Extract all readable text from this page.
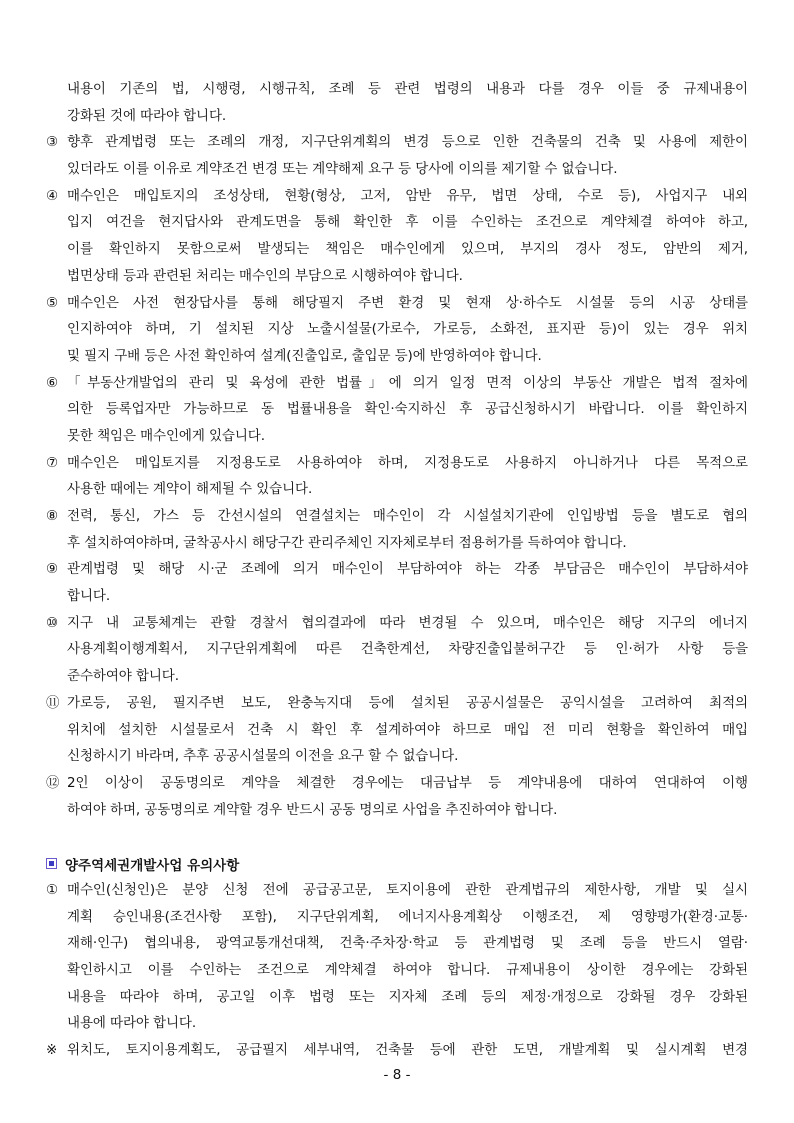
내용이 기존의 법, 시행령, 시행규칙, 조례 등 관련 법령의 내용과 다를 경우 이들 중 규제내용이
강화된 것에 따라야 합니다.
③ 향후 관계법령 또는 조례의 개정, 지구단위계획의 변경 등으로 인한 건축물의 건축 및 사용에 제한이
있더라도 이를 이유로 계약조건 변경 또는 계약해제 요구 등 당사에 이의를 제기할 수 없습니다.
④ 매수인은 매입토지의 조성상태, 현황(형상, 고저, 암반 유무, 법면 상태, 수로 등), 사업지구 내외
입지 여건을 현지답사와 관계도면을 통해 확인한 후 이를 수인하는 조건으로 계약체결 하여야 하고,
이를 확인하지 못함으로써 발생되는 책임은 매수인에게 있으며, 부지의 경사 정도, 암반의 제거,
법면상태 등과 관련된 처리는 매수인의 부담으로 시행하여야 합니다.
⑤ 매수인은 사전 현장답사를 통해 해당필지 주변 환경 및 현재 상·하수도 시설물 등의 시공 상태를
인지하여야 하며, 기 설치된 지상 노출시설물(가로수, 가로등, 소화전, 표지판 등)이 있는 경우 위치
및 필지 구배 등은 사전 확인하여 설계(진출입로, 출입문 등)에 반영하여야 합니다.
⑥ 「부동산개발업의 관리 및 육성에 관한 법률」에 의거 일정 면적 이상의 부동산 개발은 법적 절차에
의한 등록업자만 가능하므로 동 법률내용을 확인·숙지하신 후 공급신청하시기 바랍니다. 이를 확인하지
못한 책임은 매수인에게 있습니다.
⑦ 매수인은 매입토지를 지정용도로 사용하여야 하며, 지정용도로 사용하지 아니하거나 다른 목적으로
사용한 때에는 계약이 해제될 수 있습니다.
⑧ 전력, 통신, 가스 등 간선시설의 연결설치는 매수인이 각 시설설치기관에 인입방법 등을 별도로 협의
후 설치하여야하며, 굴착공사시 해당구간 관리주체인 지자체로부터 점용허가를 득하여야 합니다.
⑨ 관계법령 및 해당 시·군 조례에 의거 매수인이 부담하여야 하는 각종 부담금은 매수인이 부담하셔야
합니다.
⑩ 지구 내 교통체계는 관할 경찰서 협의결과에 따라 변경될 수 있으며, 매수인은 해당 지구의 에너지
사용계획이행계획서, 지구단위계획에 따른 건축한계선, 차량진출입불허구간 등 인·허가 사항 등을
준수하여야 합니다.
⑪ 가로등, 공원, 필지주변 보도, 완충녹지대 등에 설치된 공공시설물은 공익시설을 고려하여 최적의
위치에 설치한 시설물로서 건축 시 확인 후 설계하여야 하므로 매입 전 미리 현황을 확인하여 매입
신청하시기 바라며, 추후 공공시설물의 이전을 요구 할 수 없습니다.
⑫ 2인 이상이 공동명의로 계약을 체결한 경우에는 대금납부 등 계약내용에 대하여 연대하여 이행
하여야 하며, 공동명의로 계약할 경우 반드시 공동 명의로 사업을 추진하여야 합니다.
양주역세권개발사업 유의사항
① 매수인(신청인)은 분양 신청 전에 공급공고문, 토지이용에 관한 관계법규의 제한사항, 개발 및 실시
계획 승인내용(조건사항 포함), 지구단위계획, 에너지사용계획상 이행조건, 제 영향평가(환경·교통·
재해·인구) 협의내용, 광역교통개선대책, 건축·주차장·학교 등 관계법령 및 조례 등을 반드시 열람·
확인하시고 이를 수인하는 조건으로 계약체결 하여야 합니다. 규제내용이 상이한 경우에는 강화된
내용을 따라야 하며, 공고일 이후 법령 또는 지자체 조례 등의 제정·개정으로 강화될 경우 강화된
내용에 따라야 합니다.
※ 위치도, 토지이용계획도, 공급필지 세부내역, 건축물 등에 관한 도면, 개발계획 및 실시계획 변경
- 8 -
